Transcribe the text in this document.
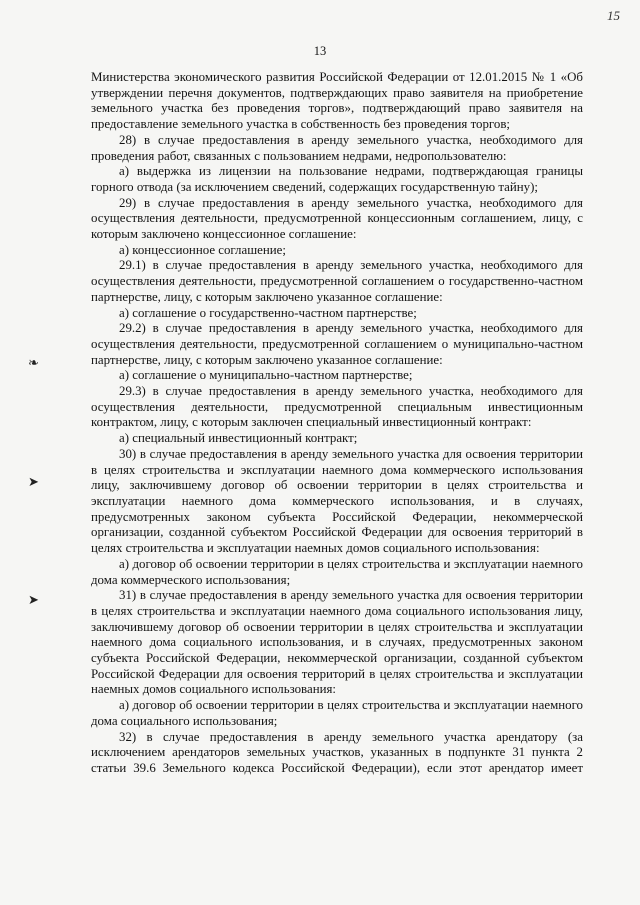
15
13
❧
➤
➤

Министерства экономического развития Российской Федерации от 12.01.2015 № 1 «Об утверждении перечня документов, подтверждающих право заявителя на приобретение земельного участка без проведения торгов», подтверждающий право заявителя на предоставление земельного участка в собственность без проведения торгов;

28) в случае предоставления в аренду земельного участка, необходимого для проведения работ, связанных с пользованием недрами, недропользователю:

а) выдержка из лицензии на пользование недрами, подтверждающая границы горного отвода (за исключением сведений, содержащих государственную тайну);

29) в случае предоставления в аренду земельного участка, необходимого для осуществления деятельности, предусмотренной концессионным соглашением, лицу, с которым заключено концессионное соглашение:

а) концессионное соглашение;

29.1) в случае предоставления в аренду земельного участка, необходимого для осуществления деятельности, предусмотренной соглашением о государственно-частном партнерстве, лицу, с которым заключено указанное соглашение:

а) соглашение о государственно-частном партнерстве;

29.2) в случае предоставления в аренду земельного участка, необходимого для осуществления деятельности, предусмотренной соглашением о муниципально-частном партнерстве, лицу, с которым заключено указанное соглашение:

а) соглашение о муниципально-частном партнерстве;

29.3) в случае предоставления в аренду земельного участка, необходимого для осуществления деятельности, предусмотренной специальным инвестиционным контрактом, лицу, с которым заключен специальный инвестиционный контракт:

а) специальный инвестиционный контракт;

30) в случае предоставления в аренду земельного участка для освоения территории в целях строительства и эксплуатации наемного дома коммерческого использования лицу, заключившему договор об освоении территории в целях строительства и эксплуатации наемного дома коммерческого использования, и в случаях, предусмотренных законом субъекта Российской Федерации, некоммерческой организации, созданной субъектом Российской Федерации для освоения территорий в целях строительства и эксплуатации наемных домов социального использования:

а) договор об освоении территории в целях строительства и эксплуатации наемного дома коммерческого использования;

31) в случае предоставления в аренду земельного участка для освоения территории в целях строительства и эксплуатации наемного дома социального использования лицу, заключившему договор об освоении территории в целях строительства и эксплуатации наемного дома социального использования, и в случаях, предусмотренных законом субъекта Российской Федерации, некоммерческой организации, созданной субъектом Российской Федерации для освоения территорий в целях строительства и эксплуатации наемных домов социального использования:

а) договор об освоении территории в целях строительства и эксплуатации наемного дома социального использования;

32) в случае предоставления в аренду земельного участка арендатору (за исключением арендаторов земельных участков, указанных в подпункте 31 пункта 2 статьи 39.6 Земельного кодекса Российской Федерации), если этот арендатор имеет
